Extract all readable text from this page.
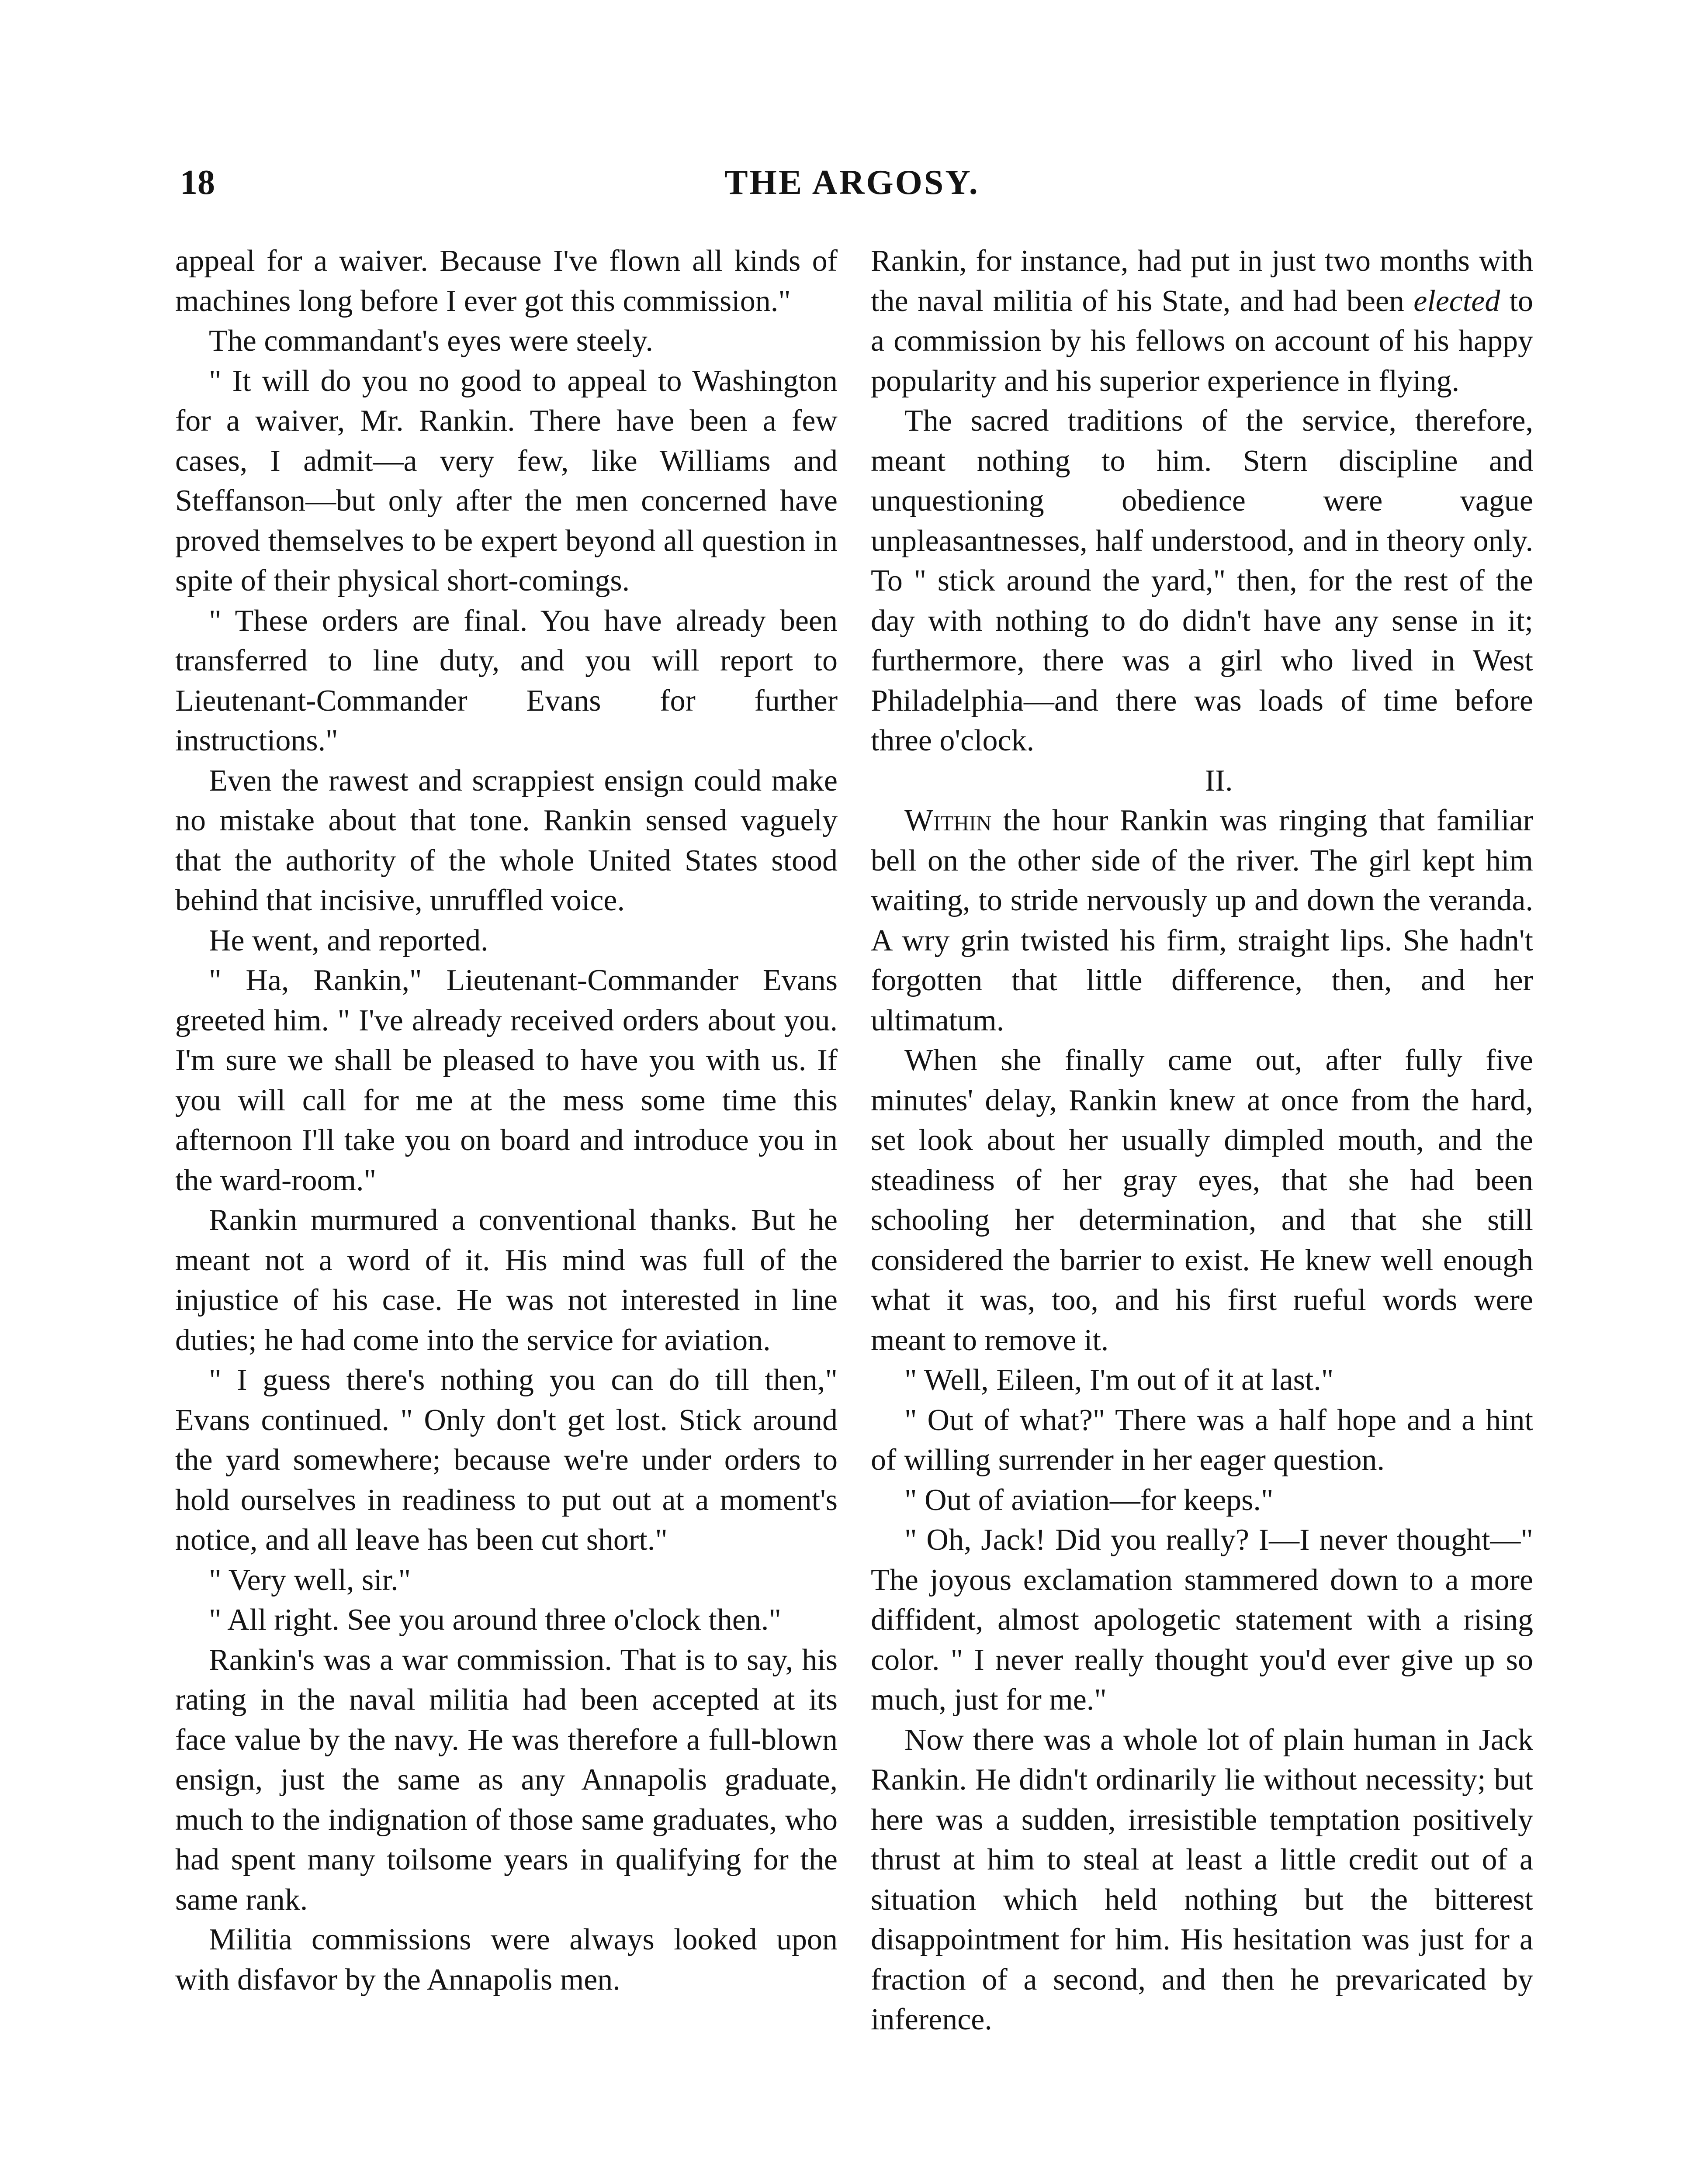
18	THE ARGOSY.

appeal for a waiver. Because I've flown all kinds of machines long before I ever got this commission."

The commandant's eyes were steely.

" It will do you no good to appeal to Washington for a waiver, Mr. Rankin. There have been a few cases, I admit—a very few, like Williams and Steffanson—but only after the men concerned have proved themselves to be expert beyond all question in spite of their physical short-comings.

" These orders are final. You have already been transferred to line duty, and you will report to Lieutenant-Commander Evans for further instructions."

Even the rawest and scrappiest ensign could make no mistake about that tone. Rankin sensed vaguely that the authority of the whole United States stood behind that incisive, unruffled voice.

He went, and reported.

" Ha, Rankin," Lieutenant-Commander Evans greeted him. " I've already received orders about you. I'm sure we shall be pleased to have you with us. If you will call for me at the mess some time this afternoon I'll take you on board and introduce you in the ward-room."

Rankin murmured a conventional thanks. But he meant not a word of it. His mind was full of the injustice of his case. He was not interested in line duties; he had come into the service for aviation.

" I guess there's nothing you can do till then," Evans continued. " Only don't get lost. Stick around the yard somewhere; because we're under orders to hold ourselves in readiness to put out at a moment's notice, and all leave has been cut short."

" Very well, sir."

" All right. See you around three o'clock then."

Rankin's was a war commission. That is to say, his rating in the naval militia had been accepted at its face value by the navy. He was therefore a full-blown ensign, just the same as any Annapolis graduate, much to the indignation of those same graduates, who had spent many toilsome years in qualifying for the same rank.

Militia commissions were always looked upon with disfavor by the Annapolis men.

Rankin, for instance, had put in just two months with the naval militia of his State, and had been elected to a commission by his fellows on account of his happy popularity and his superior experience in flying.

The sacred traditions of the service, therefore, meant nothing to him. Stern discipline and unquestioning obedience were vague unpleasantnesses, half understood, and in theory only. To " stick around the yard," then, for the rest of the day with nothing to do didn't have any sense in it; furthermore, there was a girl who lived in West Philadelphia—and there was loads of time before three o'clock.

II.

Within the hour Rankin was ringing that familiar bell on the other side of the river. The girl kept him waiting, to stride nervously up and down the veranda. A wry grin twisted his firm, straight lips. She hadn't forgotten that little difference, then, and her ultimatum.

When she finally came out, after fully five minutes' delay, Rankin knew at once from the hard, set look about her usually dimpled mouth, and the steadiness of her gray eyes, that she had been schooling her determination, and that she still considered the barrier to exist. He knew well enough what it was, too, and his first rueful words were meant to remove it.

" Well, Eileen, I'm out of it at last."

" Out of what?" There was a half hope and a hint of willing surrender in her eager question.

" Out of aviation—for keeps."

" Oh, Jack! Did you really? I—I never thought—" The joyous exclamation stammered down to a more diffident, almost apologetic statement with a rising color. " I never really thought you'd ever give up so much, just for me."

Now there was a whole lot of plain human in Jack Rankin. He didn't ordinarily lie without necessity; but here was a sudden, irresistible temptation positively thrust at him to steal at least a little credit out of a situation which held nothing but the bitterest disappointment for him. His hesitation was just for a fraction of a second, and then he prevaricated by inference.
